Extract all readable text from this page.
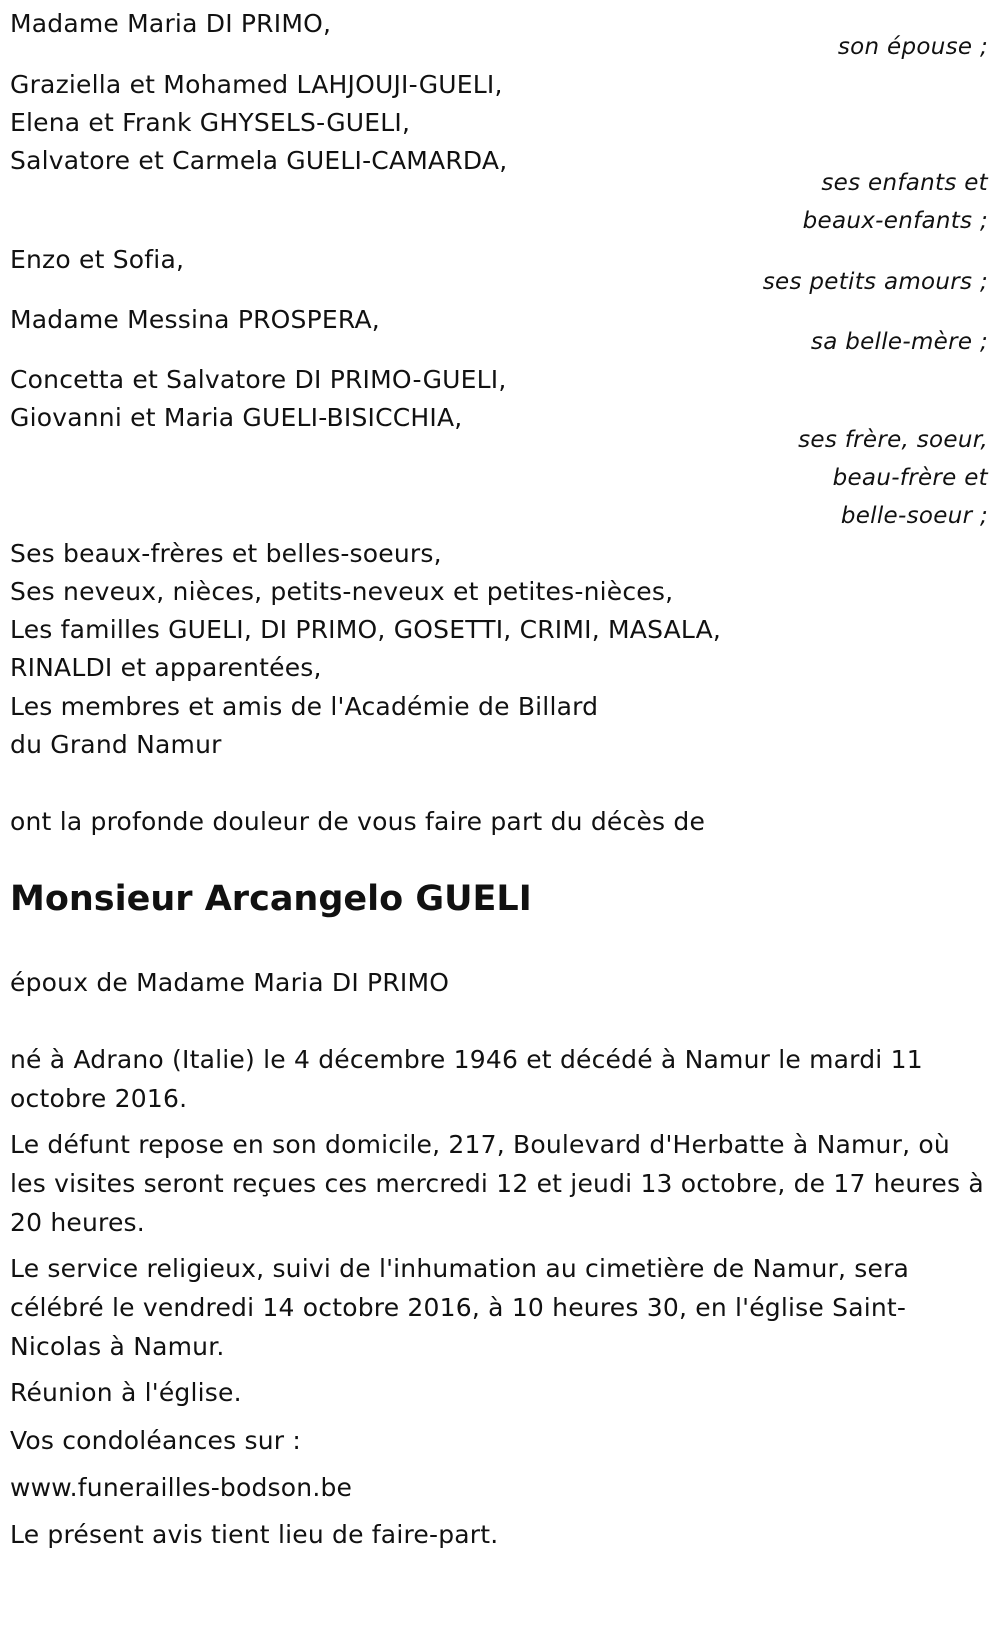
Madame Maria DI PRIMO,
son épouse ;
Graziella et Mohamed LAHJOUJI-GUELI,
Elena et Frank GHYSELS-GUELI,
Salvatore et Carmela GUELI-CAMARDA,
ses enfants et
beaux-enfants ;
Enzo et Sofia,
ses petits amours ;
Madame Messina PROSPERA,
sa belle-mère ;
Concetta et Salvatore DI PRIMO-GUELI,
Giovanni et Maria GUELI-BISICCHIA,
ses frère, soeur,
beau-frère et
belle-soeur ;
Ses beaux-frères et belles-soeurs,
Ses neveux, nièces, petits-neveux et petites-nièces,
Les familles GUELI, DI PRIMO, GOSETTI, CRIMI, MASALA,
RINALDI et apparentées,
Les membres et amis de l'Académie de Billard
du Grand Namur
ont la profonde douleur de vous faire part du décès de
Monsieur Arcangelo GUELI
époux de Madame Maria DI PRIMO
né à Adrano (Italie) le 4 décembre 1946 et décédé à Namur le mardi 11 octobre 2016.
Le défunt repose en son domicile, 217, Boulevard d'Herbatte à Namur, où les visites seront reçues ces mercredi 12 et jeudi 13 octobre, de 17 heures à 20 heures.
Le service religieux, suivi de l'inhumation au cimetière de Namur, sera célébré le vendredi 14 octobre 2016, à 10 heures 30, en l'église Saint-Nicolas à Namur.
Réunion à l'église.
Vos condoléances sur :
www.funerailles-bodson.be
Le présent avis tient lieu de faire-part.
